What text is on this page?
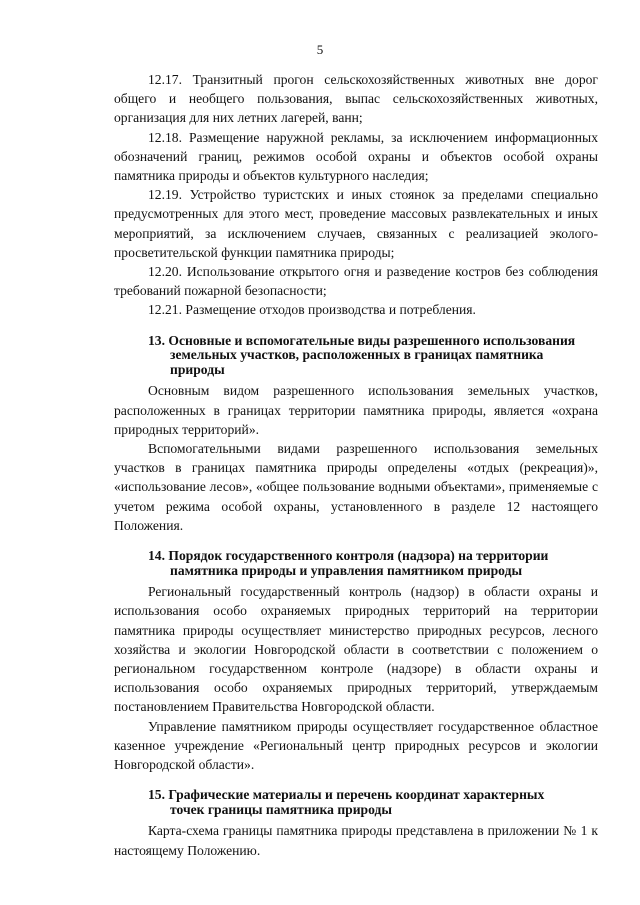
5

12.17. Транзитный прогон сельскохозяйственных животных вне дорог общего и необщего пользования, выпас сельскохозяйственных животных, организация для них летних лагерей, ванн;

12.18. Размещение наружной рекламы, за исключением информационных обозначений границ, режимов особой охраны и объектов особой охраны памятника природы и объектов культурного наследия;

12.19. Устройство туристских и иных стоянок за пределами специально предусмотренных для этого мест, проведение массовых развлекательных и иных мероприятий, за исключением случаев, связанных с реализацией эколого-просветительской функции памятника природы;

12.20. Использование открытого огня и разведение костров без соблюдения требований пожарной безопасности;

12.21. Размещение отходов производства и потребления.

13. Основные и вспомогательные виды разрешенного использования
земельных участков, расположенных в границах памятника
природы

Основным видом разрешенного использования земельных участков, расположенных в границах территории памятника природы, является «охрана природных территорий».

Вспомогательными видами разрешенного использования земельных участков в границах памятника природы определены «отдых (рекреация)», «использование лесов», «общее пользование водными объектами», применяемые с учетом режима особой охраны, установленного в разделе 12 настоящего Положения.

14. Порядок государственного контроля (надзора) на территории
памятника природы и управления памятником природы

Региональный государственный контроль (надзор) в области охраны и использования особо охраняемых природных территорий на территории памятника природы осуществляет министерство природных ресурсов, лесного хозяйства и экологии Новгородской области в соответствии с положением о региональном государственном контроле (надзоре) в области охраны и использования особо охраняемых природных территорий, утверждаемым постановлением Правительства Новгородской области.

Управление памятником природы осуществляет государственное областное казенное учреждение «Региональный центр природных ресурсов и экологии Новгородской области».

15. Графические материалы и перечень координат характерных
точек границы памятника природы

Карта-схема границы памятника природы представлена в приложении № 1 к настоящему Положению.
